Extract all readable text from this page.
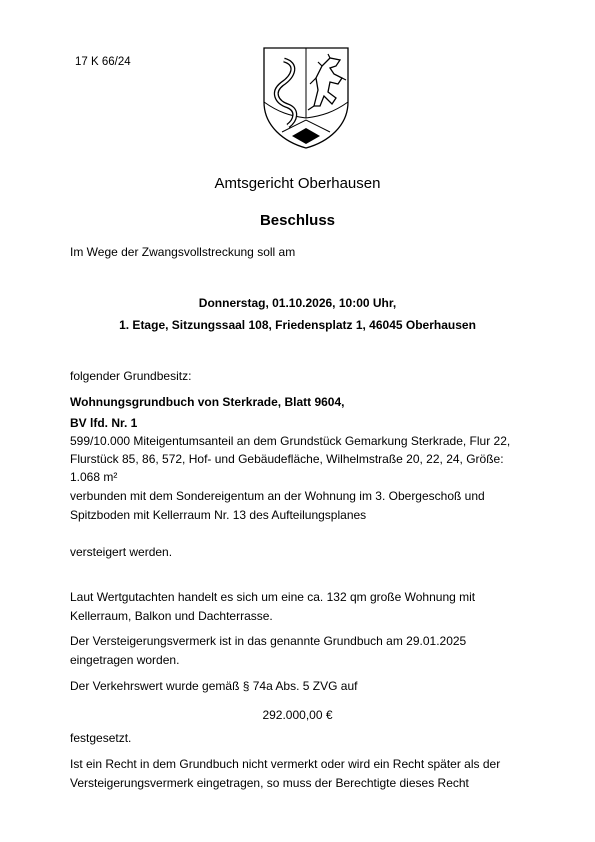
17 K 66/24
Amtsgericht Oberhausen
Beschluss
Im Wege der Zwangsvollstreckung soll am
Donnerstag, 01.10.2026, 10:00 Uhr,
1. Etage, Sitzungssaal 108, Friedensplatz 1, 46045 Oberhausen
folgender Grundbesitz:
Wohnungsgrundbuch von Sterkrade, Blatt 9604,
BV lfd. Nr. 1
599/10.000 Miteigentumsanteil an dem Grundstück Gemarkung Sterkrade, Flur 22,
Flurstück 85, 86, 572, Hof- und Gebäudefläche, Wilhelmstraße 20, 22, 24, Größe:
1.068 m²
verbunden mit dem Sondereigentum an der Wohnung im 3. Obergeschoß und
Spitzboden mit Kellerraum Nr. 13 des Aufteilungsplanes
versteigert werden.
Laut Wertgutachten handelt es sich um eine ca. 132 qm große Wohnung mit
Kellerraum, Balkon und Dachterrasse.
Der Versteigerungsvermerk ist in das genannte Grundbuch am 29.01.2025
eingetragen worden.
Der Verkehrswert wurde gemäß § 74a Abs. 5 ZVG auf
292.000,00 €
festgesetzt.
Ist ein Recht in dem Grundbuch nicht vermerkt oder wird ein Recht später als der
Versteigerungsvermerk eingetragen, so muss der Berechtigte dieses Recht
